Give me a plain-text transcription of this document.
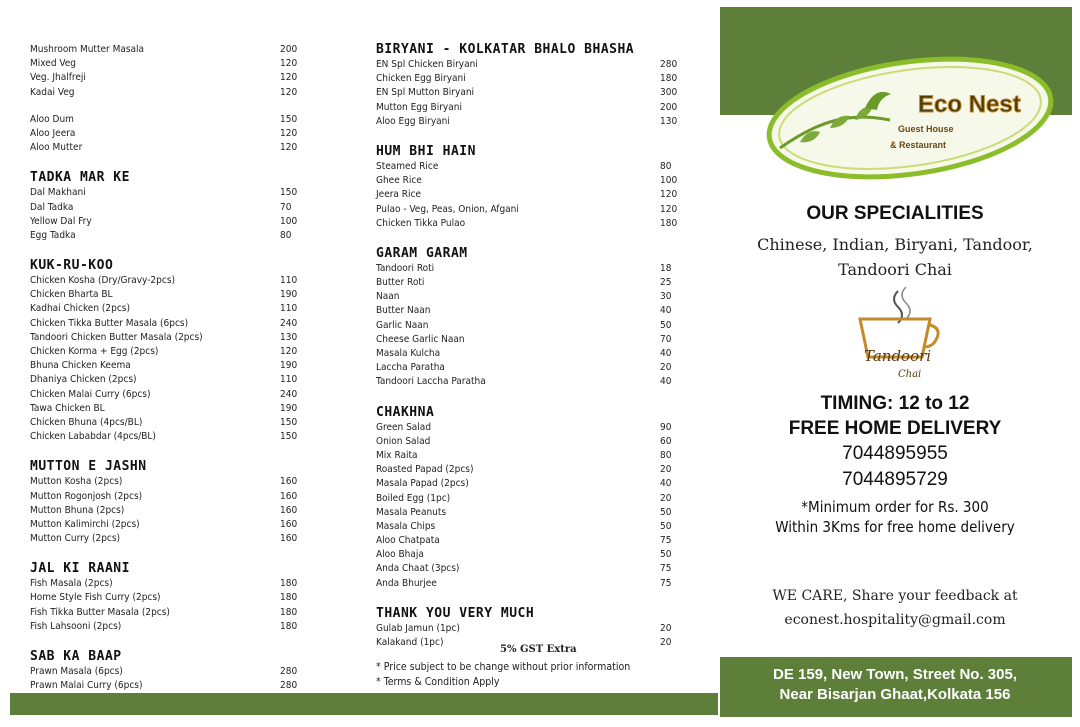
Mushroom Mutter Masala	200
Mixed Veg	120
Veg. Jhalfreji	120
Kadai Veg	120
Aloo Dum	150
Aloo Jeera	120
Aloo Mutter	120
TADKA MAR KE
Dal Makhani	150
Dal Tadka	70
Yellow Dal Fry	100
Egg Tadka	80
KUK-RU-KOO
Chicken Kosha (Dry/Gravy-2pcs)	110
Chicken Bharta BL	190
Kadhai Chicken (2pcs)	110
Chicken Tikka Butter Masala (6pcs)	240
Tandoori Chicken Butter Masala (2pcs)	130
Chicken Korma + Egg (2pcs)	120
Bhuna Chicken Keema	190
Dhaniya Chicken (2pcs)	110
Chicken Malai Curry (6pcs)	240
Tawa Chicken BL	190
Chicken Bhuna (4pcs/BL)	150
Chicken Lababdar (4pcs/BL)	150
MUTTON E JASHN
Mutton Kosha (2pcs)	160
Mutton Rogonjosh (2pcs)	160
Mutton Bhuna (2pcs)	160
Mutton Kalimirchi (2pcs)	160
Mutton Curry (2pcs)	160
JAL KI RAANI
Fish Masala (2pcs)	180
Home Style Fish Curry (2pcs)	180
Fish Tikka Butter Masala (2pcs)	180
Fish Lahsooni (2pcs)	180
SAB KA BAAP
Prawn Masala (6pcs)	280
Prawn Malai Curry (6pcs)	280
BIRYANI - KOLKATAR BHALO BHASHA
EN Spl Chicken Biryani	280
Chicken Egg Biryani	180
EN Spl Mutton Biryani	300
Mutton Egg Biryani	200
Aloo Egg Biryani	130
HUM BHI HAIN
Steamed Rice	80
Ghee Rice	100
Jeera Rice	120
Pulao - Veg, Peas, Onion, Afgani	120
Chicken Tikka Pulao	180
GARAM GARAM
Tandoori Roti	18
Butter Roti	25
Naan	30
Butter Naan	40
Garlic Naan	50
Cheese Garlic Naan	70
Masala Kulcha	40
Laccha Paratha	20
Tandoori Laccha Paratha	40
CHAKHNA
Green Salad	90
Onion Salad	60
Mix Raita	80
Roasted Papad (2pcs)	20
Masala Papad (2pcs)	40
Boiled Egg (1pc)	20
Masala Peanuts	50
Masala Chips	50
Aloo Chatpata	75
Aloo Bhaja	50
Anda Chaat (3pcs)	75
Anda Bhurjee	75
THANK YOU VERY MUCH
Gulab Jamun (1pc)	20
Kalakand (1pc)	20
5% GST Extra
* Price subject to be change without prior information
* Terms & Condition Apply
Eco Nest
Guest House
& Restaurant
OUR SPECIALITIES
Chinese, Indian, Biryani, Tandoor,
Tandoori Chai
Tandoori
Chai
TIMING: 12 to 12
FREE HOME DELIVERY
7044895955
7044895729
*Minimum order for Rs. 300
Within 3Kms for free home delivery
WE CARE, Share your feedback at
econest.hospitality@gmail.com
DE 159, New Town, Street No. 305,
Near Bisarjan Ghaat,Kolkata 156
